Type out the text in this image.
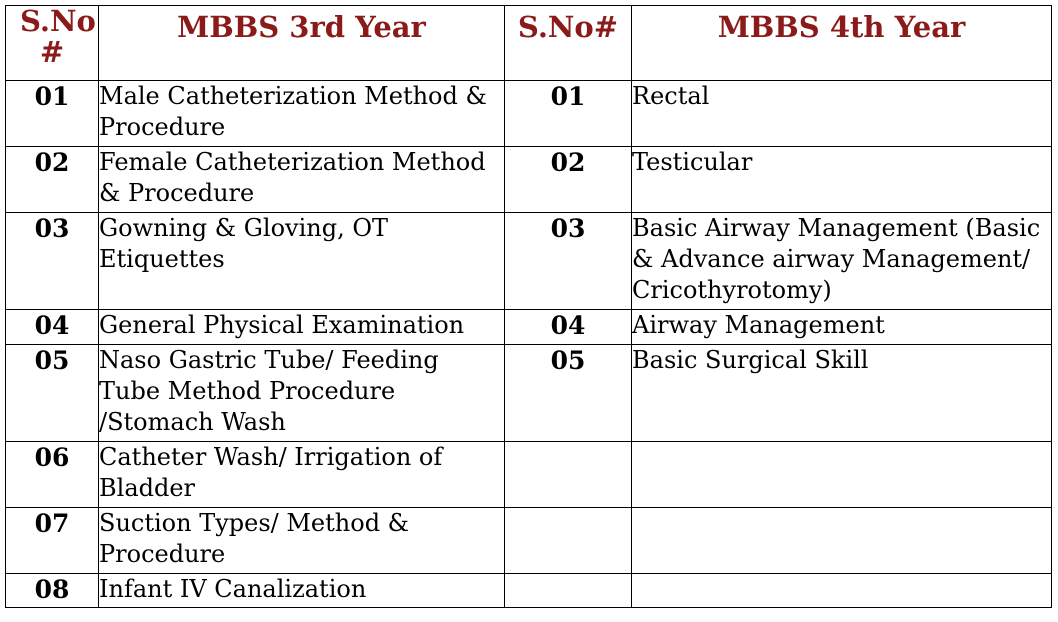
S.No #	MBBS 3rd Year	S.No#	MBBS 4th Year
01	Male Catheterization Method & Procedure	01	Rectal
02	Female Catheterization Method & Procedure	02	Testicular
03	Gowning & Gloving, OT Etiquettes	03	Basic Airway Management (Basic & Advance airway Management/ Cricothyrotomy)
04	General Physical Examination	04	Airway Management
05	Naso Gastric Tube/ Feeding Tube Method Procedure /Stomach Wash	05	Basic Surgical Skill
06	Catheter Wash/ Irrigation of Bladder		
07	Suction Types/ Method & Procedure		
08	Infant IV Canalization		
